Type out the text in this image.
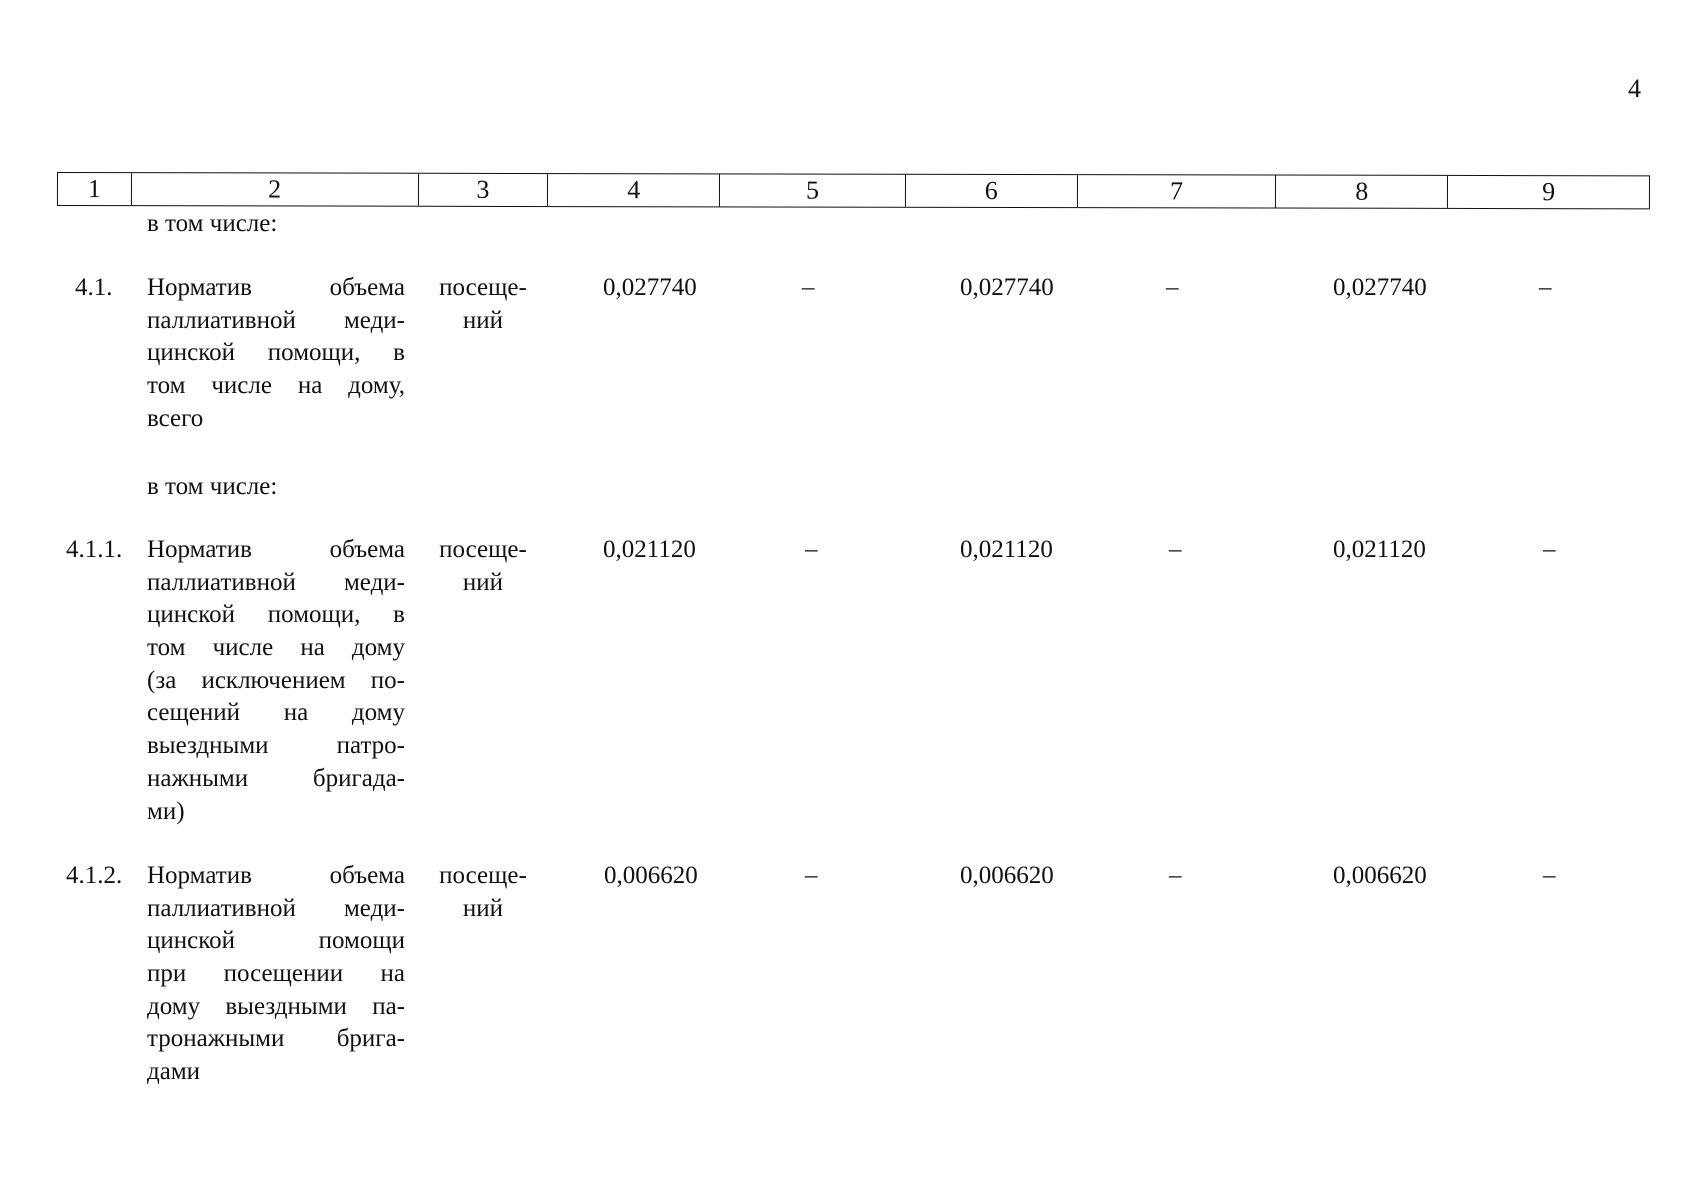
4
1	2	3	4	5	6	7	8	9
в том числе:
4.1. Норматив объема
паллиативной меди-
цинской помощи, в
том числе на дому,
всего
посеще-
ний
0,027740	–	0,027740	–	0,027740	–
в том числе:
4.1.1. Норматив объема
паллиативной меди-
цинской помощи, в
том числе на дому
(за исключением по-
сещений на дому
выездными патро-
нажными бригада-
ми)
посеще-
ний
0,021120	–	0,021120	–	0,021120	–
4.1.2. Норматив объема
паллиативной меди-
цинской помощи
при посещении на
дому выездными па-
тронажными брига-
дами
посеще-
ний
0,006620	–	0,006620	–	0,006620	–
